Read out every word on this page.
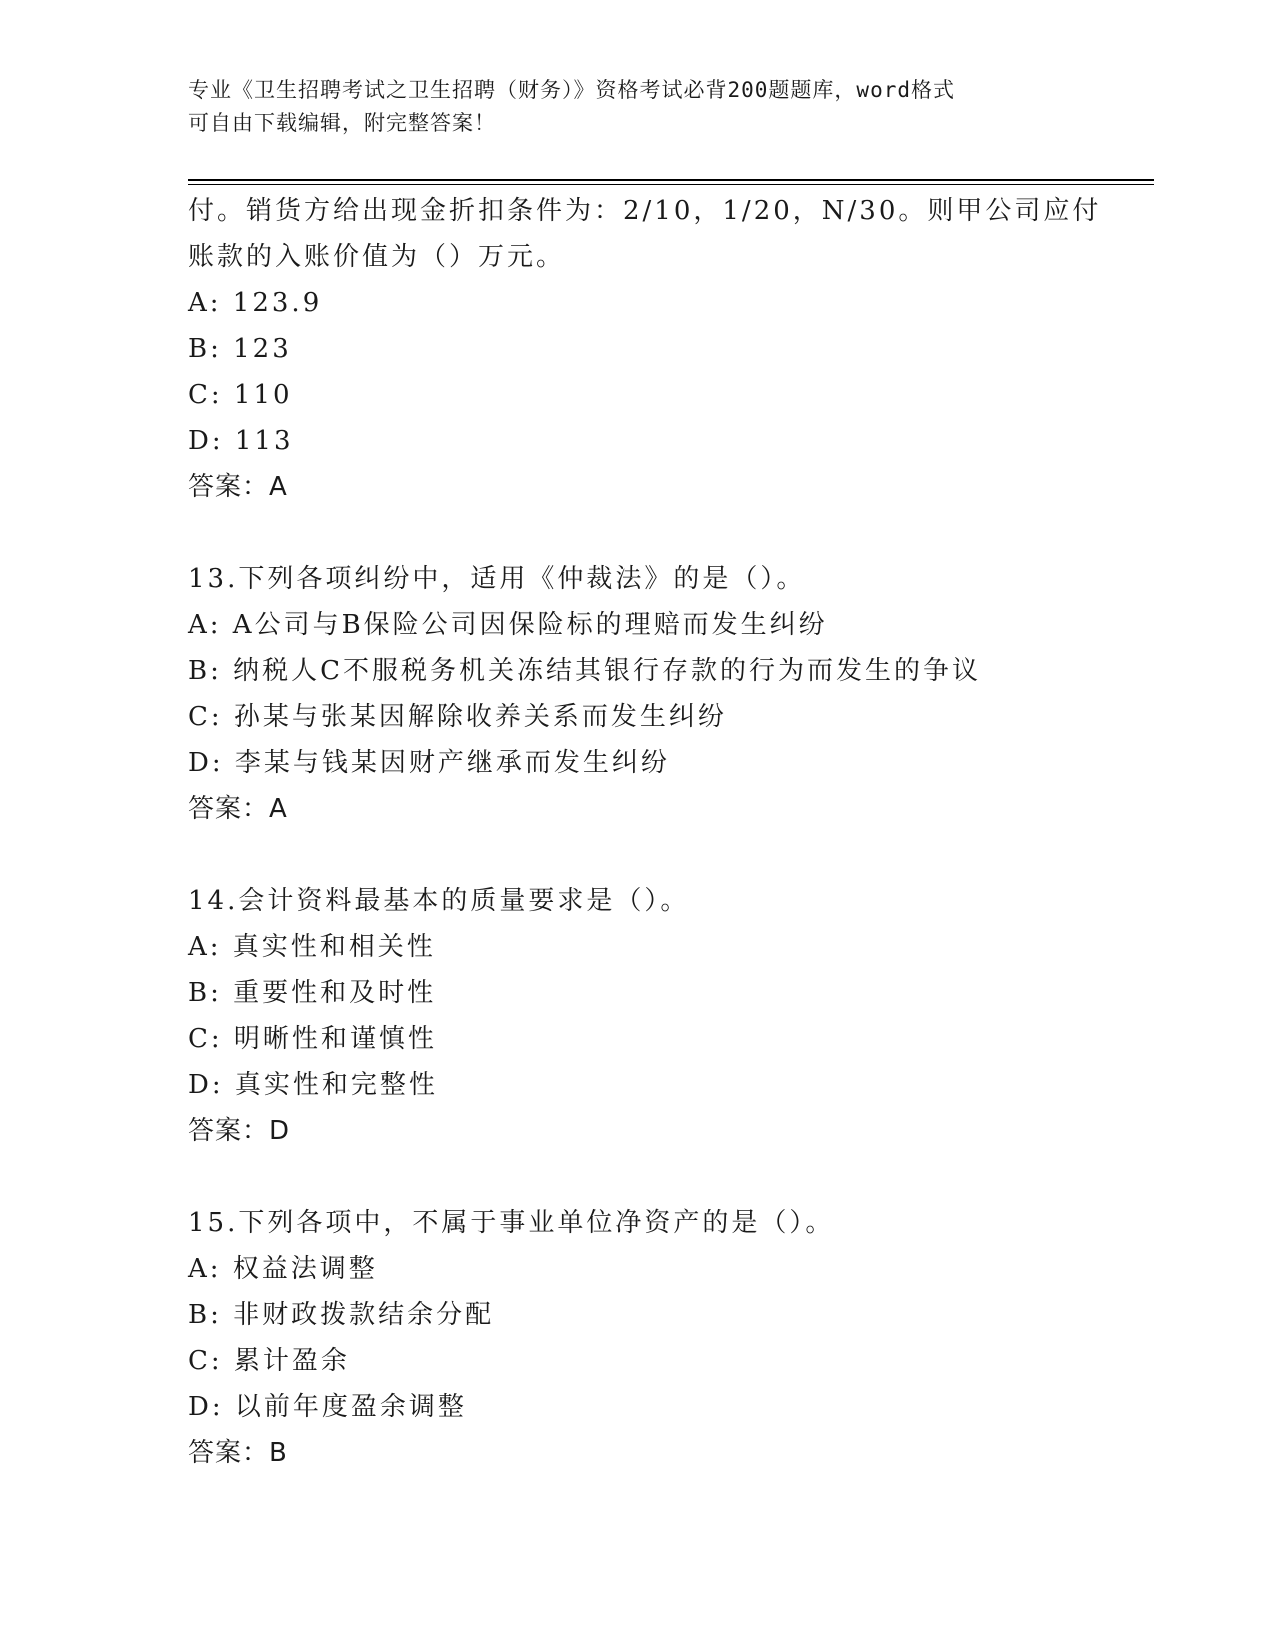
专业《卫生招聘考试之卫生招聘（财务）》资格考试必背200题题库，word格式
可自由下载编辑，附完整答案！
付。销货方给出现金折扣条件为：2/10，1/20，N/30。则甲公司应付
账款的入账价值为（）万元。
A: 123.9
B: 123
C: 110
D: 113
答案：A
13.下列各项纠纷中，适用《仲裁法》的是（）。
A: A公司与B保险公司因保险标的理赔而发生纠纷
B: 纳税人C不服税务机关冻结其银行存款的行为而发生的争议
C: 孙某与张某因解除收养关系而发生纠纷
D: 李某与钱某因财产继承而发生纠纷
答案：A
14.会计资料最基本的质量要求是（）。
A: 真实性和相关性
B: 重要性和及时性
C: 明晰性和谨慎性
D: 真实性和完整性
答案：D
15.下列各项中，不属于事业单位净资产的是（）。
A: 权益法调整
B: 非财政拨款结余分配
C: 累计盈余
D: 以前年度盈余调整
答案：B
